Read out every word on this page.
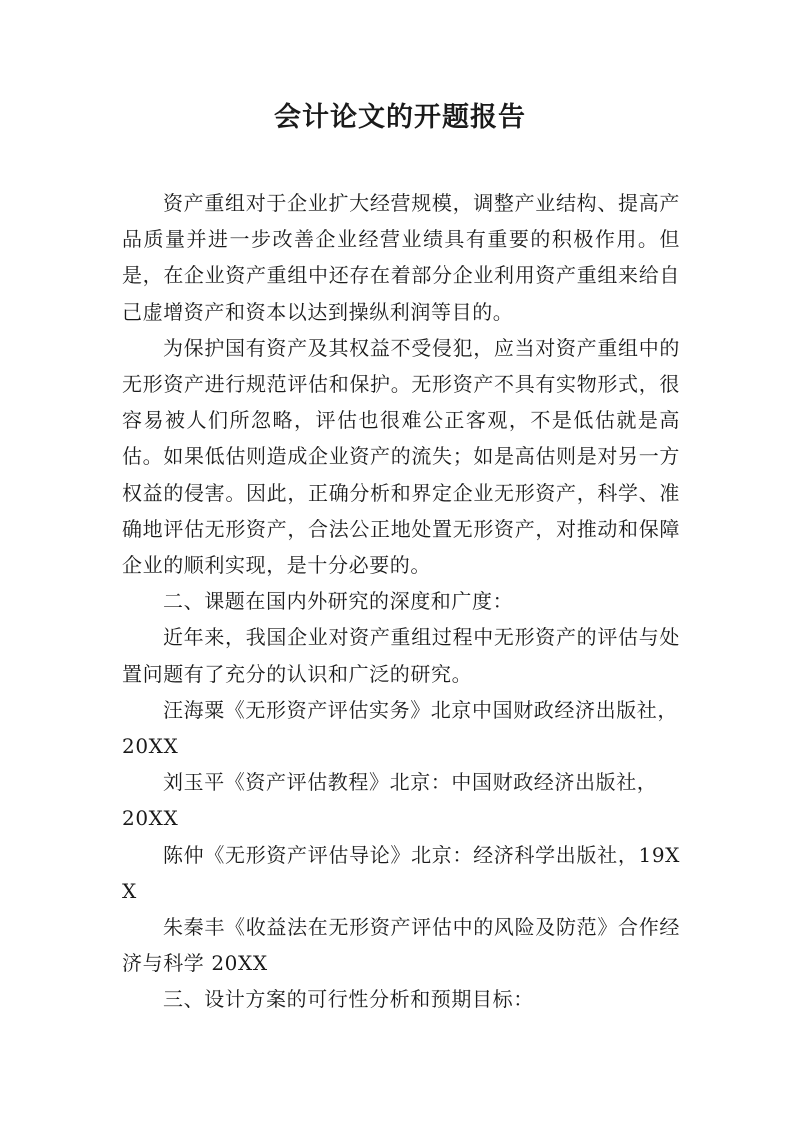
会计论文的开题报告

资产重组对于企业扩大经营规模，调整产业结构、提高产品质量并进一步改善企业经营业绩具有重要的积极作用。但是，在企业资产重组中还存在着部分企业利用资产重组来给自己虚增资产和资本以达到操纵利润等目的。

为保护国有资产及其权益不受侵犯，应当对资产重组中的无形资产进行规范评估和保护。无形资产不具有实物形式，很容易被人们所忽略，评估也很难公正客观，不是低估就是高估。如果低估则造成企业资产的流失；如是高估则是对另一方权益的侵害。因此，正确分析和界定企业无形资产，科学、准确地评估无形资产，合法公正地处置无形资产，对推动和保障企业的顺利实现，是十分必要的。

二、课题在国内外研究的深度和广度：

近年来，我国企业对资产重组过程中无形资产的评估与处置问题有了充分的认识和广泛的研究。

汪海粟《无形资产评估实务》北京中国财政经济出版社，

20XX

刘玉平《资产评估教程》北京：中国财政经济出版社，

20XX

陈仲《无形资产评估导论》北京：经济科学出版社，19XX

朱秦丰《收益法在无形资产评估中的风险及防范》合作经济与科学 20XX

三、设计方案的可行性分析和预期目标：
